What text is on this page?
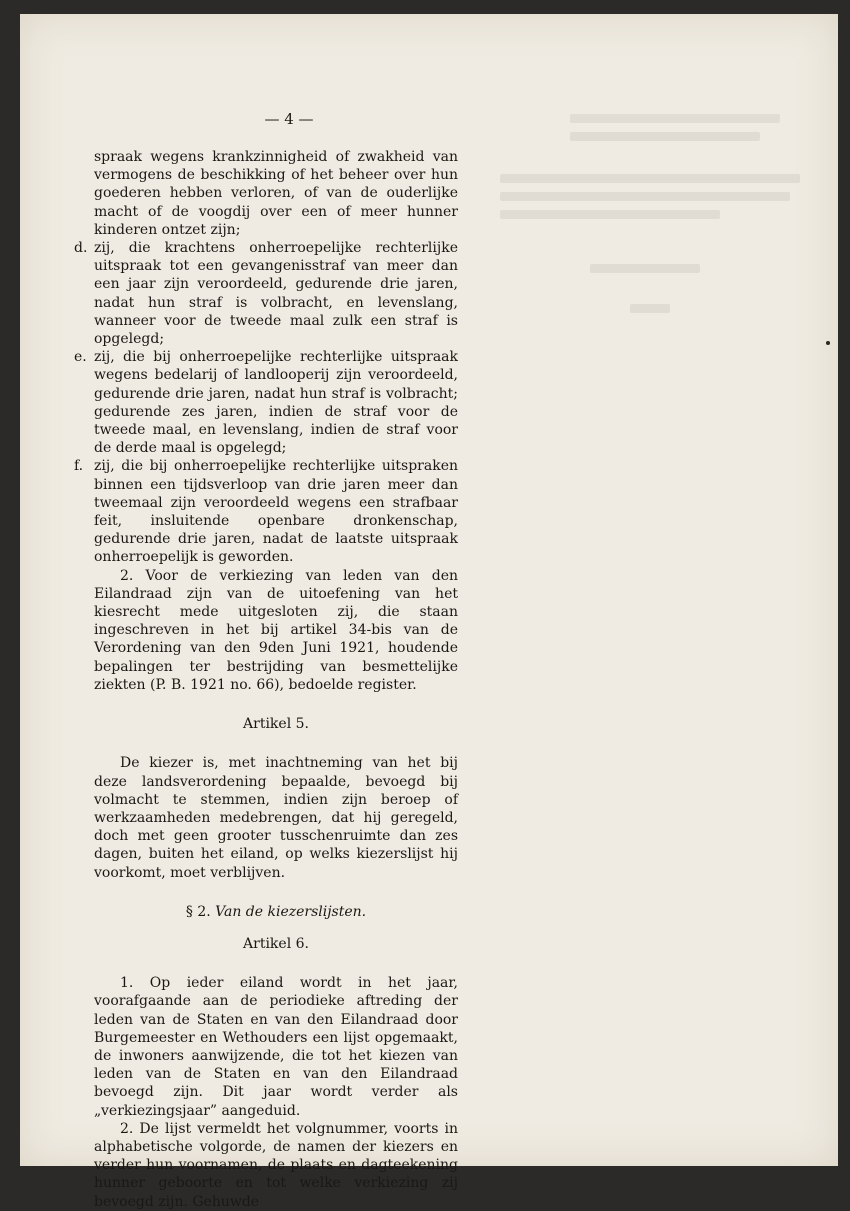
— 4 —
spraak wegens krankzinnigheid of zwakheid van vermogens de beschikking of het beheer over hun goederen hebben verloren, of van de ouderlijke macht of de voogdij over een of meer hunner kinderen ontzet zijn;
d. zij, die krachtens onherroepelijke rechterlijke uitspraak tot een gevangenisstraf van meer dan een jaar zijn veroordeeld, gedurende drie jaren, nadat hun straf is volbracht, en levenslang, wanneer voor de tweede maal zulk een straf is opgelegd;
e. zij, die bij onherroepelijke rechterlijke uitspraak wegens bedelarij of landlooperij zijn veroordeeld, gedurende drie jaren, nadat hun straf is volbracht; gedurende zes jaren, indien de straf voor de tweede maal, en levenslang, indien de straf voor de derde maal is opgelegd;
f. zij, die bij onherroepelijke rechterlijke uitspraken binnen een tijdsverloop van drie jaren meer dan tweemaal zijn veroordeeld wegens een strafbaar feit, insluitende openbare dronkenschap, gedurende drie jaren, nadat de laatste uitspraak onherroepelijk is geworden.

2. Voor de verkiezing van leden van den Eilandraad zijn van de uitoefening van het kiesrecht mede uitgesloten zij, die staan ingeschreven in het bij artikel 34-bis van de Verordening van den 9den Juni 1921, houdende bepalingen ter bestrijding van besmettelijke ziekten (P. B. 1921 no. 66), bedoelde register.

Artikel 5.

De kiezer is, met inachtneming van het bij deze landsverordening bepaalde, bevoegd bij volmacht te stemmen, indien zijn beroep of werkzaamheden medebrengen, dat hij geregeld, doch met geen grooter tusschenruimte dan zes dagen, buiten het eiland, op welks kiezerslijst hij voorkomt, moet verblijven.

§ 2. Van de kiezerslijsten.

Artikel 6.

1. Op ieder eiland wordt in het jaar, voorafgaande aan de periodieke aftreding der leden van de Staten en van den Eilandraad door Burgemeester en Wethouders een lijst opgemaakt, de inwoners aanwijzende, die tot het kiezen van leden van de Staten en van den Eilandraad bevoegd zijn. Dit jaar wordt verder als „verkiezingsjaar” aangeduid.

2. De lijst vermeldt het volgnummer, voorts in alphabetische volgorde, de namen der kiezers en verder hun voornamen, de plaats en dagteekening hunner geboorte en tot welke verkiezing zij bevoegd zijn. Gehuwde
